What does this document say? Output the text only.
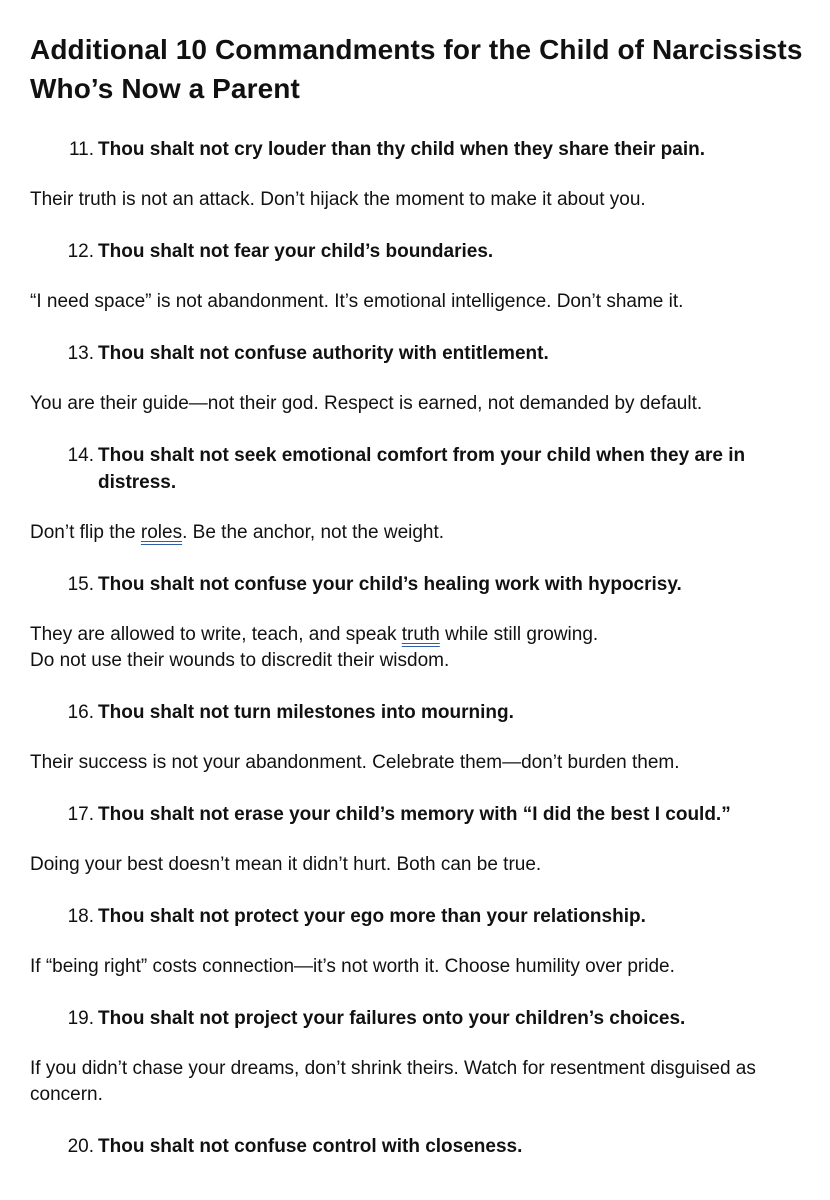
Additional 10 Commandments for the Child of Narcissists Who’s Now a Parent
11. Thou shalt not cry louder than thy child when they share their pain.

Their truth is not an attack. Don’t hijack the moment to make it about you.

12. Thou shalt not fear your child’s boundaries.

“I need space” is not abandonment. It’s emotional intelligence. Don’t shame it.

13. Thou shalt not confuse authority with entitlement.

You are their guide—not their god. Respect is earned, not demanded by default.

14. Thou shalt not seek emotional comfort from your child when they are in distress.

Don’t flip the roles. Be the anchor, not the weight.

15. Thou shalt not confuse your child’s healing work with hypocrisy.

They are allowed to write, teach, and speak truth while still growing.
Do not use their wounds to discredit their wisdom.

16. Thou shalt not turn milestones into mourning.

Their success is not your abandonment. Celebrate them—don’t burden them.

17. Thou shalt not erase your child’s memory with “I did the best I could.”

Doing your best doesn’t mean it didn’t hurt. Both can be true.

18. Thou shalt not protect your ego more than your relationship.

If “being right” costs connection—it’s not worth it. Choose humility over pride.

19. Thou shalt not project your failures onto your children’s choices.

If you didn’t chase your dreams, don’t shrink theirs. Watch for resentment disguised as concern.

20. Thou shalt not confuse control with closeness.
